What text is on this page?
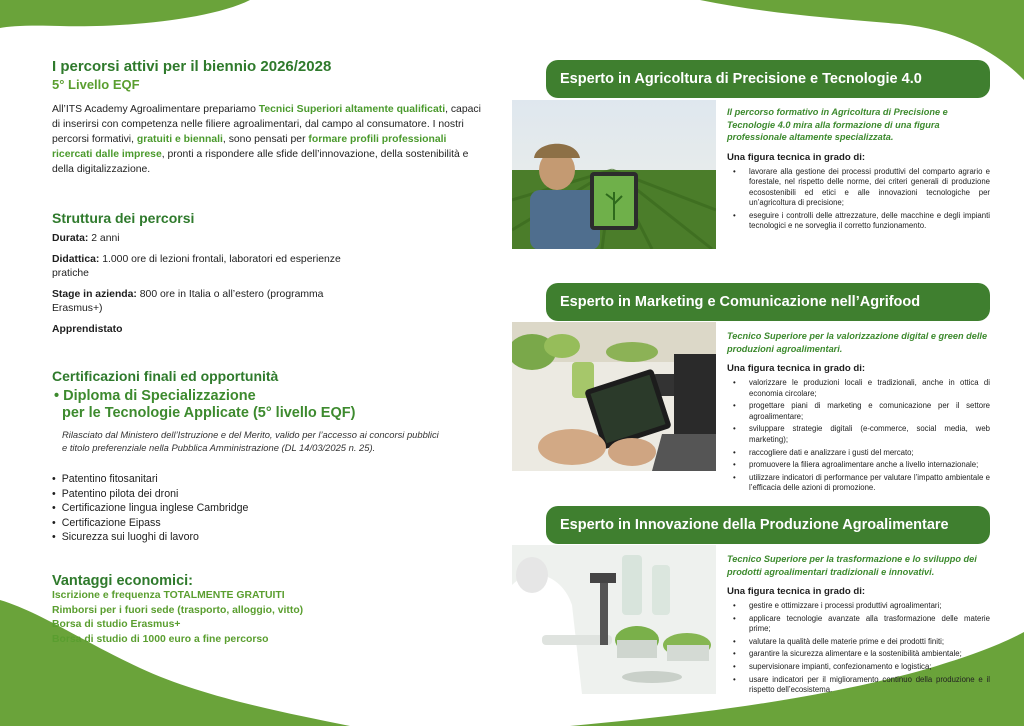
I percorsi attivi per il biennio 2026/2028
5° Livello EQF

All’ITS Academy Agroalimentare prepariamo Tecnici Superiori altamente qualificati, capaci di inserirsi con competenza nelle filiere agroalimentari, dal campo al consumatore. I nostri percorsi formativi, gratuiti e biennali, sono pensati per formare profili professionali ricercati dalle imprese, pronti a rispondere alle sfide dell’innovazione, della sostenibilità e della digitalizzazione.

Struttura dei percorsi

Durata: 2 anni

Didattica: 1.000 ore di lezioni frontali, laboratori ed esperienze pratiche

Stage in azienda: 800 ore in Italia o all’estero (programma Erasmus+)

Apprendistato

Certificazioni finali ed opportunità
• Diploma di Specializzazione
per le Tecnologie Applicate (5° livello EQF)
Rilasciato dal Ministero dell’Istruzione e del Merito, valido per l’accesso ai concorsi pubblici e titolo preferenziale nella Pubblica Amministrazione (DL 14/03/2025 n. 25).
• Patentino fitosanitari
• Patentino pilota dei droni
• Certificazione lingua inglese Cambridge
• Certificazione Eipass
• Sicurezza sui luoghi di lavoro
Vantaggi economici:

Iscrizione e frequenza TOTALMENTE GRATUITI

Rimborsi per i fuori sede (trasporto, alloggio, vitto)

Borsa di studio Erasmus+

Borsa di studio di 1000 euro a fine percorso

Esperto in Agricoltura di Precisione e Tecnologie 4.0
Il percorso formativo in Agricoltura di Precisione e Tecnologie 4.0 mira alla formazione di una figura professionale altamente specializzata.
Una figura tecnica in grado di:
• lavorare alla gestione dei processi produttivi del comparto agrario e forestale, nel rispetto delle norme, dei criteri generali di produzione ecosostenibili ed etici e alle innovazioni tecnologiche per un’agricoltura di precisione;
• eseguire i controlli delle attrezzature, delle macchine e degli impianti tecnologici e ne sorveglia il corretto funzionamento.
Esperto in Marketing e Comunicazione nell’Agrifood
Tecnico Superiore per la valorizzazione digital e green delle produzioni agroalimentari.
Una figura tecnica in grado di:
• valorizzare le produzioni locali e tradizionali, anche in ottica di economia circolare;
• progettare piani di marketing e comunicazione per il settore agroalimentare;
• sviluppare strategie digitali (e-commerce, social media, web marketing);
• raccogliere dati e analizzare i gusti del mercato;
• promuovere la filiera agroalimentare anche a livello internazionale;
• utilizzare indicatori di performance per valutare l’impatto ambientale e l’efficacia delle azioni di promozione.
Esperto in Innovazione della Produzione Agroalimentare
Tecnico Superiore per la trasformazione e lo sviluppo dei prodotti agroalimentari tradizionali e innovativi.
Una figura tecnica in grado di:
• gestire e ottimizzare i processi produttivi agroalimentari;
• applicare tecnologie avanzate alla trasformazione delle materie prime;
• valutare la qualità delle materie prime e dei prodotti finiti;
• garantire la sicurezza alimentare e la sostenibilità ambientale;
• supervisionare impianti, confezionamento e logistica;
• usare indicatori per il miglioramento continuo della produzione e il rispetto dell’ecosistema.
